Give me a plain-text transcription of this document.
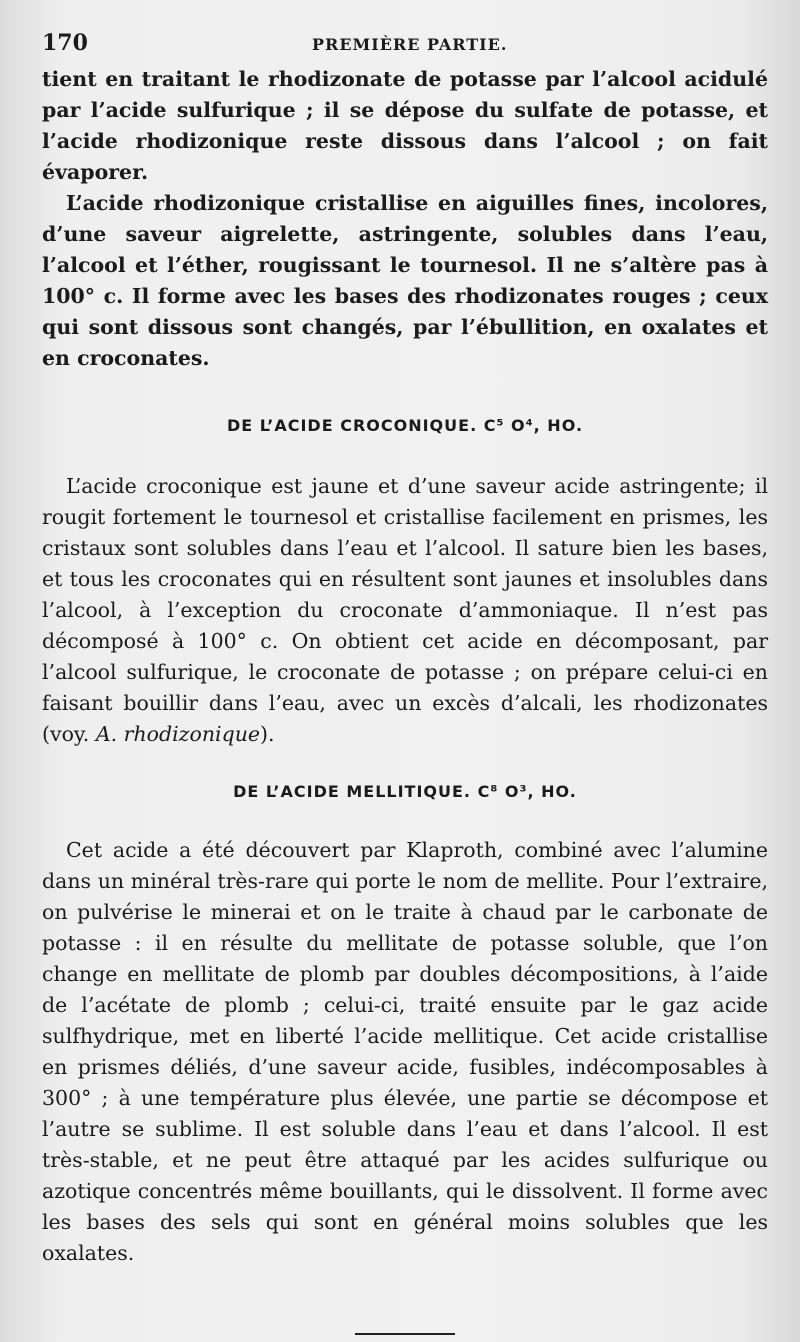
170	PREMIÈRE PARTIE.

tient en traitant le rhodizonate de potasse par l’alcool acidulé par l’acide sulfurique ; il se dépose du sulfate de potasse, et l’acide rhodizonique reste dissous dans l’alcool ; on fait évaporer.

L’acide rhodizonique cristallise en aiguilles fines, incolores, d’une saveur aigrelette, astringente, solubles dans l’eau, l’alcool et l’éther, rougissant le tournesol. Il ne s’altère pas à 100° c. Il forme avec les bases des rhodizonates rouges ; ceux qui sont dissous sont changés, par l’ébullition, en oxalates et en croconates.

DE L’ACIDE CROCONIQUE. C⁵ O⁴, HO.

L’acide croconique est jaune et d’une saveur acide astringente; il rougit fortement le tournesol et cristallise facilement en prismes, les cristaux sont solubles dans l’eau et l’alcool. Il sature bien les bases, et tous les croconates qui en résultent sont jaunes et insolubles dans l’alcool, à l’exception du croconate d’ammoniaque. Il n’est pas décomposé à 100° c. On obtient cet acide en décomposant, par l’alcool sulfurique, le croconate de potasse ; on prépare celui-ci en faisant bouillir dans l’eau, avec un excès d’alcali, les rhodizonates (voy. A. rhodizonique).

DE L’ACIDE MELLITIQUE. C⁸ O³, HO.

Cet acide a été découvert par Klaproth, combiné avec l’alumine dans un minéral très-rare qui porte le nom de mellite. Pour l’extraire, on pulvérise le minerai et on le traite à chaud par le carbonate de potasse : il en résulte du mellitate de potasse soluble, que l’on change en mellitate de plomb par doubles décompositions, à l’aide de l’acétate de plomb ; celui-ci, traité ensuite par le gaz acide sulfhydrique, met en liberté l’acide mellitique. Cet acide cristallise en prismes déliés, d’une saveur acide, fusibles, indécomposables à 300° ; à une température plus élevée, une partie se décompose et l’autre se sublime. Il est soluble dans l’eau et dans l’alcool. Il est très-stable, et ne peut être attaqué par les acides sulfurique ou azotique concentrés même bouillants, qui le dissolvent. Il forme avec les bases des sels qui sont en général moins solubles que les oxalates.
